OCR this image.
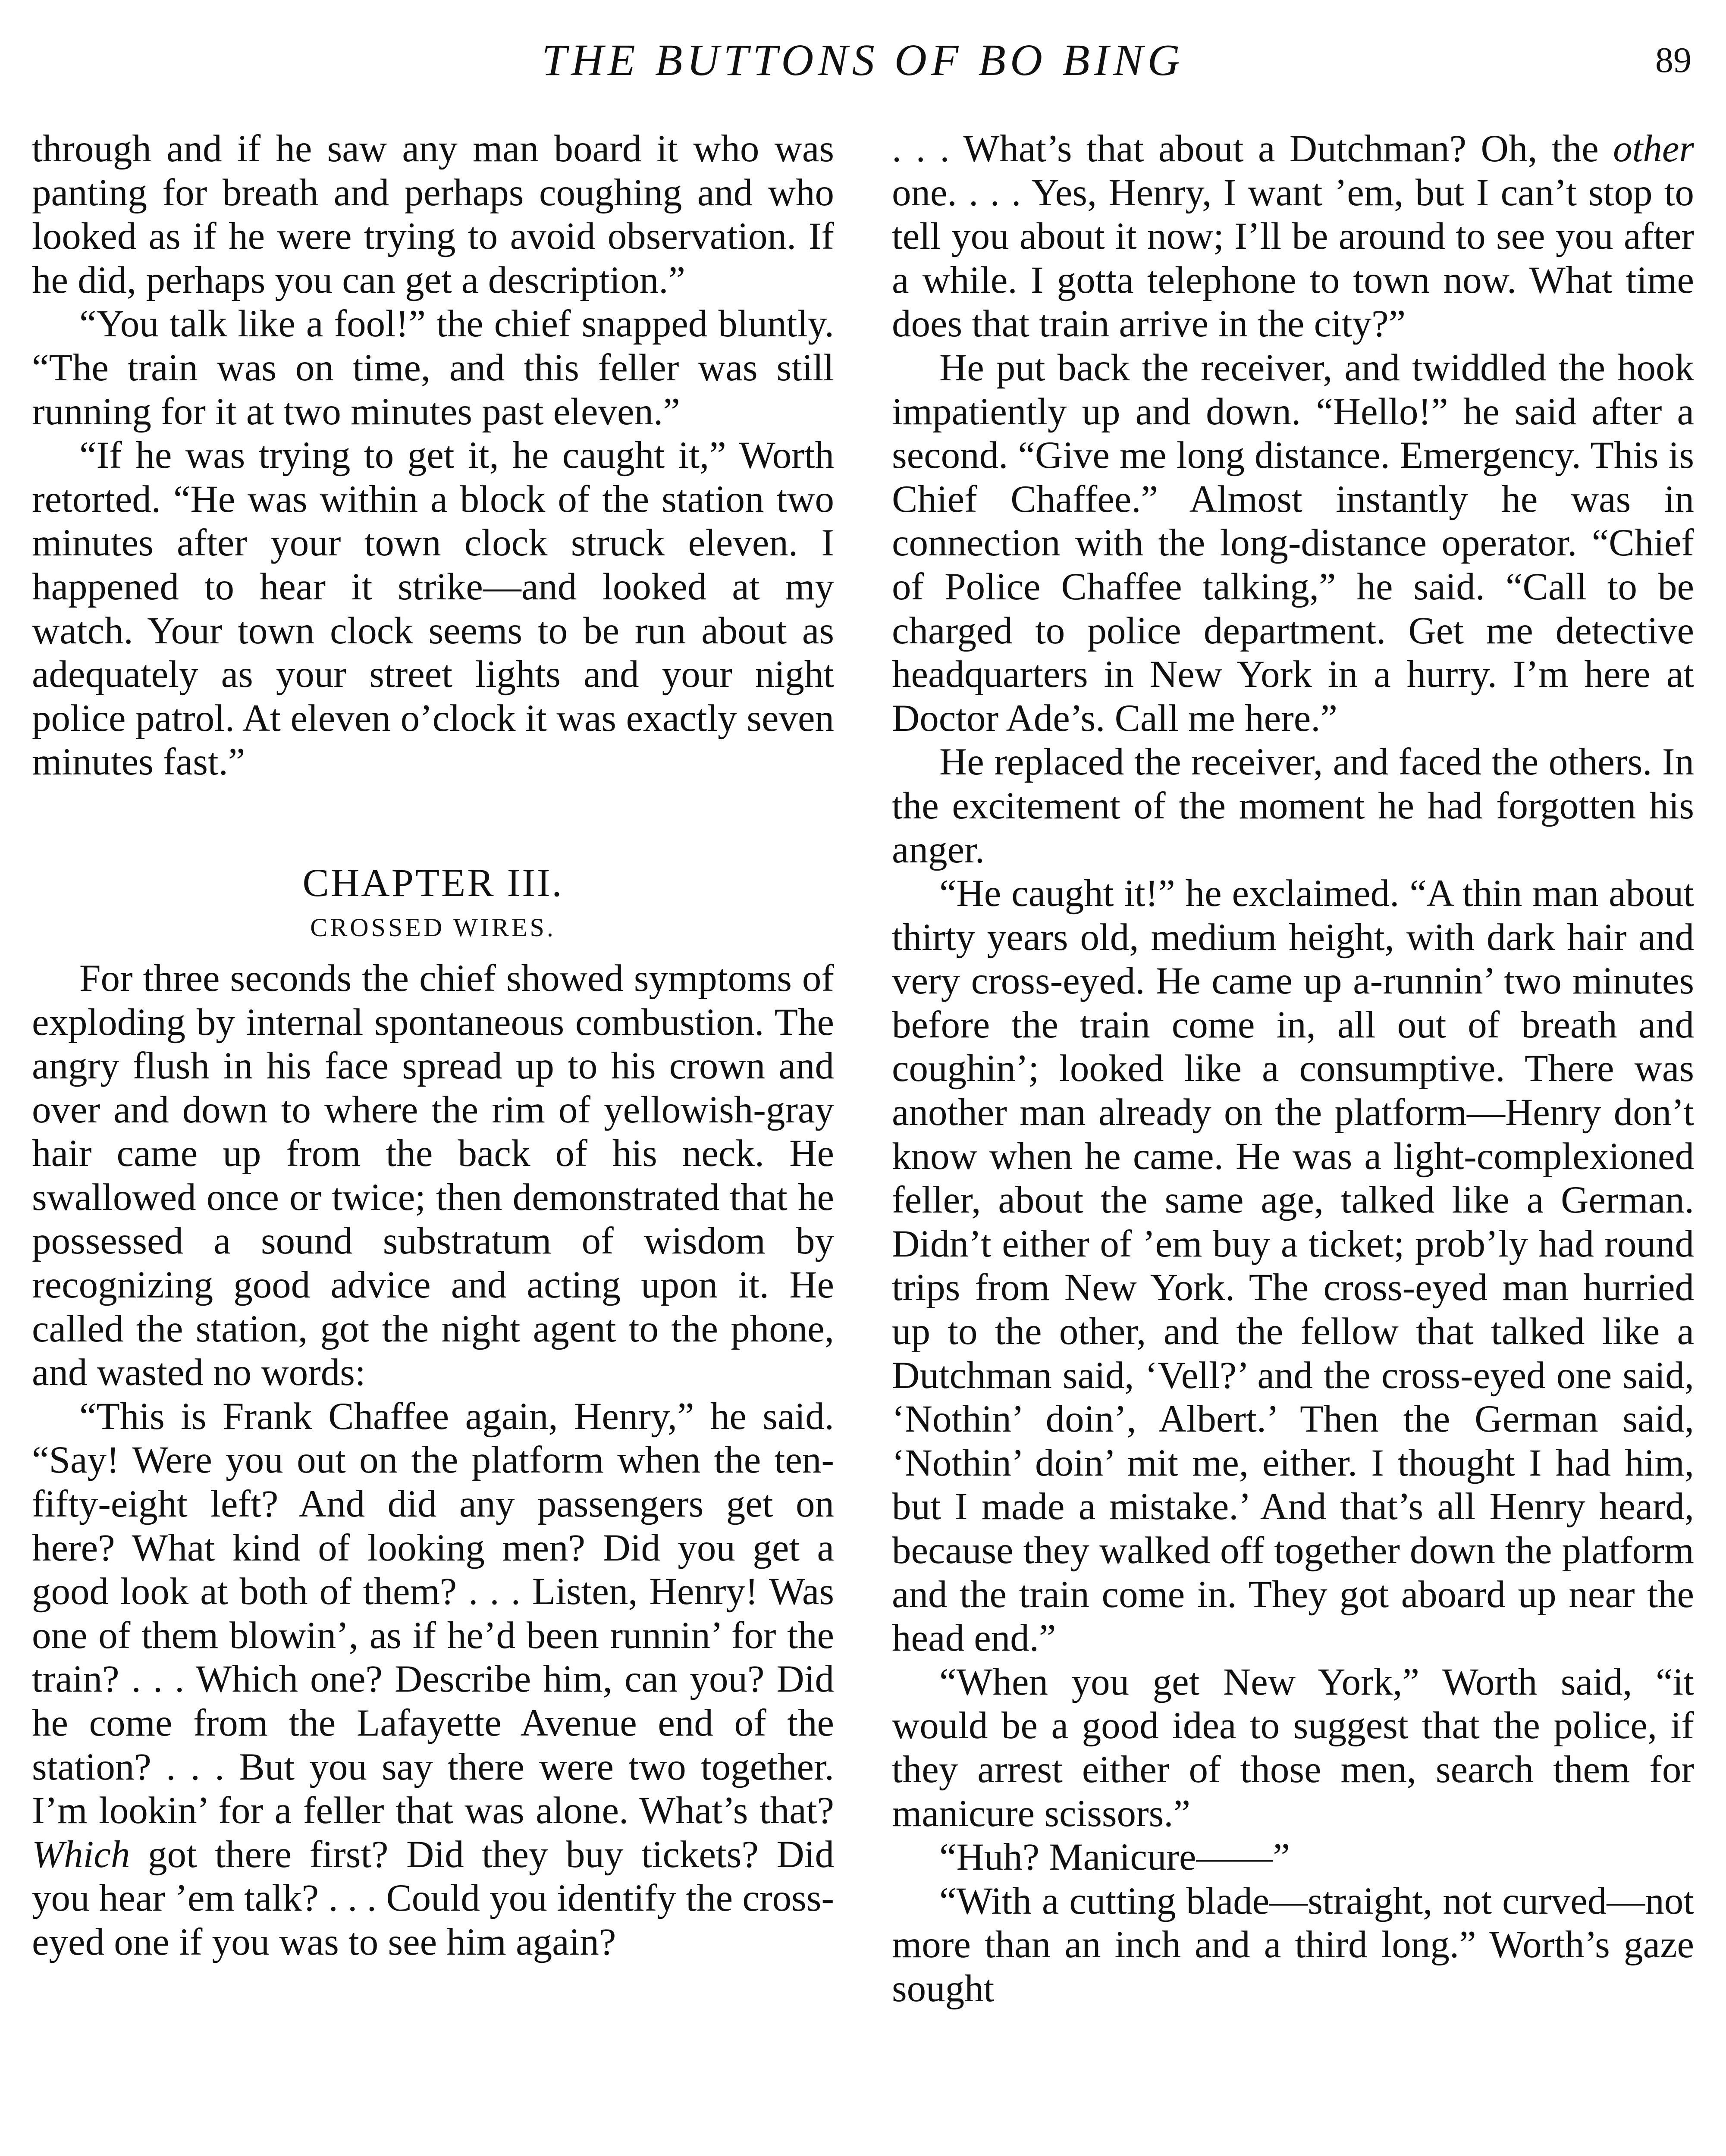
THE BUTTONS OF BO BING	89

through and if he saw any man board it who was panting for breath and perhaps coughing and who looked as if he were trying to avoid observation. If he did, perhaps you can get a description.”

“You talk like a fool!” the chief snapped bluntly. “The train was on time, and this feller was still running for it at two minutes past eleven.”

“If he was trying to get it, he caught it,” Worth retorted. “He was within a block of the station two minutes after your town clock struck eleven. I happened to hear it strike—and looked at my watch. Your town clock seems to be run about as adequately as your street lights and your night police patrol. At eleven o’clock it was exactly seven minutes fast.”

CHAPTER III.
CROSSED WIRES.

For three seconds the chief showed symptoms of exploding by internal spontaneous combustion. The angry flush in his face spread up to his crown and over and down to where the rim of yellowish-gray hair came up from the back of his neck. He swallowed once or twice; then demonstrated that he possessed a sound substratum of wisdom by recognizing good advice and acting upon it. He called the station, got the night agent to the phone, and wasted no words:

“This is Frank Chaffee again, Henry,” he said. “Say! Were you out on the platform when the ten-fifty-eight left? And did any passengers get on here? What kind of looking men? Did you get a good look at both of them? . . . Listen, Henry! Was one of them blowin’, as if he’d been runnin’ for the train? . . . Which one? Describe him, can you? Did he come from the Lafayette Avenue end of the station? . . . But you say there were two together. I’m lookin’ for a feller that was alone. What’s that? Which got there first? Did they buy tickets? Did you hear ’em talk? . . . Could you identify the cross-eyed one if you was to see him again?

. . . What’s that about a Dutchman? Oh, the other one. . . . Yes, Henry, I want ’em, but I can’t stop to tell you about it now; I’ll be around to see you after a while. I gotta telephone to town now. What time does that train arrive in the city?”

He put back the receiver, and twiddled the hook impatiently up and down. “Hello!” he said after a second. “Give me long distance. Emergency. This is Chief Chaffee.” Almost instantly he was in connection with the long-distance operator. “Chief of Police Chaffee talking,” he said. “Call to be charged to police department. Get me detective headquarters in New York in a hurry. I’m here at Doctor Ade’s. Call me here.”

He replaced the receiver, and faced the others. In the excitement of the moment he had forgotten his anger.

“He caught it!” he exclaimed. “A thin man about thirty years old, medium height, with dark hair and very cross-eyed. He came up a-runnin’ two minutes before the train come in, all out of breath and coughin’; looked like a consumptive. There was another man already on the platform—Henry don’t know when he came. He was a light-complexioned feller, about the same age, talked like a German. Didn’t either of ’em buy a ticket; prob’ly had round trips from New York. The cross-eyed man hurried up to the other, and the fellow that talked like a Dutchman said, ‘Vell?’ and the cross-eyed one said, ‘Nothin’ doin’, Albert.’ Then the German said, ‘Nothin’ doin’ mit me, either. I thought I had him, but I made a mistake.’ And that’s all Henry heard, because they walked off together down the platform and the train come in. They got aboard up near the head end.”

“When you get New York,” Worth said, “it would be a good idea to suggest that the police, if they arrest either of those men, search them for manicure scissors.”

“Huh? Manicure——”

“With a cutting blade—straight, not curved—not more than an inch and a third long.” Worth’s gaze sought
